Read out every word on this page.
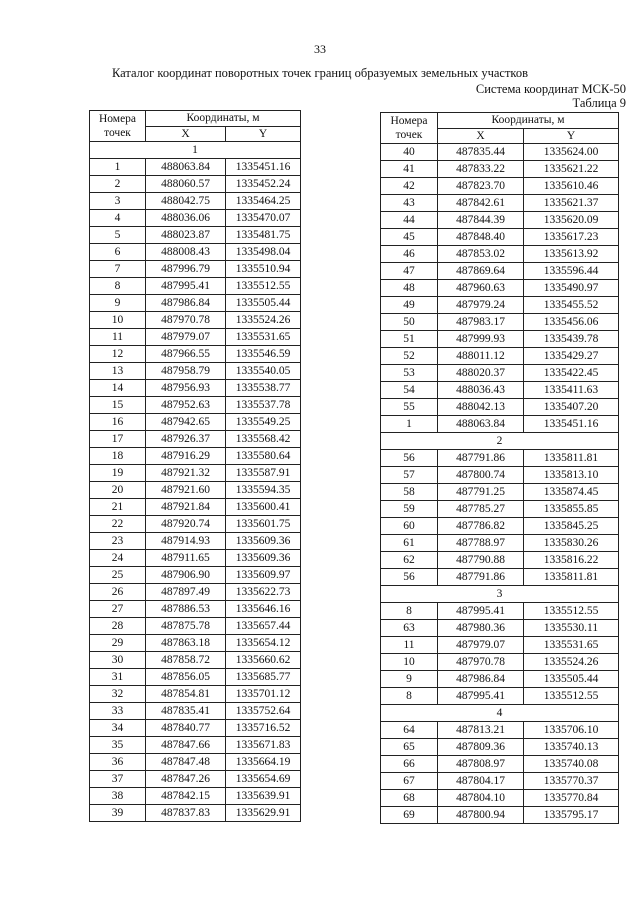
33
Каталог координат поворотных точек границ образуемых земельных участков
Система координат МСК-50
Таблица 9
Номера точек	Координаты, м	
	X	Y
1		
1	488063.84	1335451.16
2	488060.57	1335452.24
3	488042.75	1335464.25
4	488036.06	1335470.07
5	488023.87	1335481.75
6	488008.43	1335498.04
7	487996.79	1335510.94
8	487995.41	1335512.55
9	487986.84	1335505.44
10	487970.78	1335524.26
11	487979.07	1335531.65
12	487966.55	1335546.59
13	487958.79	1335540.05
14	487956.93	1335538.77
15	487952.63	1335537.78
16	487942.65	1335549.25
17	487926.37	1335568.42
18	487916.29	1335580.64
19	487921.32	1335587.91
20	487921.60	1335594.35
21	487921.84	1335600.41
22	487920.74	1335601.75
23	487914.93	1335609.36
24	487911.65	1335609.36
25	487906.90	1335609.97
26	487897.49	1335622.73
27	487886.53	1335646.16
28	487875.78	1335657.44
29	487863.18	1335654.12
30	487858.72	1335660.62
31	487856.05	1335685.77
32	487854.81	1335701.12
33	487835.41	1335752.64
34	487840.77	1335716.52
35	487847.66	1335671.83
36	487847.48	1335664.19
37	487847.26	1335654.69
38	487842.15	1335639.91
39	487837.83	1335629.91
Номера точек	Координаты, м	
	X	Y
40	487835.44	1335624.00
41	487833.22	1335621.22
42	487823.70	1335610.46
43	487842.61	1335621.37
44	487844.39	1335620.09
45	487848.40	1335617.23
46	487853.02	1335613.92
47	487869.64	1335596.44
48	487960.63	1335490.97
49	487979.24	1335455.52
50	487983.17	1335456.06
51	487999.93	1335439.78
52	488011.12	1335429.27
53	488020.37	1335422.45
54	488036.43	1335411.63
55	488042.13	1335407.20
1	488063.84	1335451.16
2		
56	487791.86	1335811.81
57	487800.74	1335813.10
58	487791.25	1335874.45
59	487785.27	1335855.85
60	487786.82	1335845.25
61	487788.97	1335830.26
62	487790.88	1335816.22
56	487791.86	1335811.81
3		
8	487995.41	1335512.55
63	487980.36	1335530.11
11	487979.07	1335531.65
10	487970.78	1335524.26
9	487986.84	1335505.44
8	487995.41	1335512.55
4		
64	487813.21	1335706.10
65	487809.36	1335740.13
66	487808.97	1335740.08
67	487804.17	1335770.37
68	487804.10	1335770.84
69	487800.94	1335795.17
